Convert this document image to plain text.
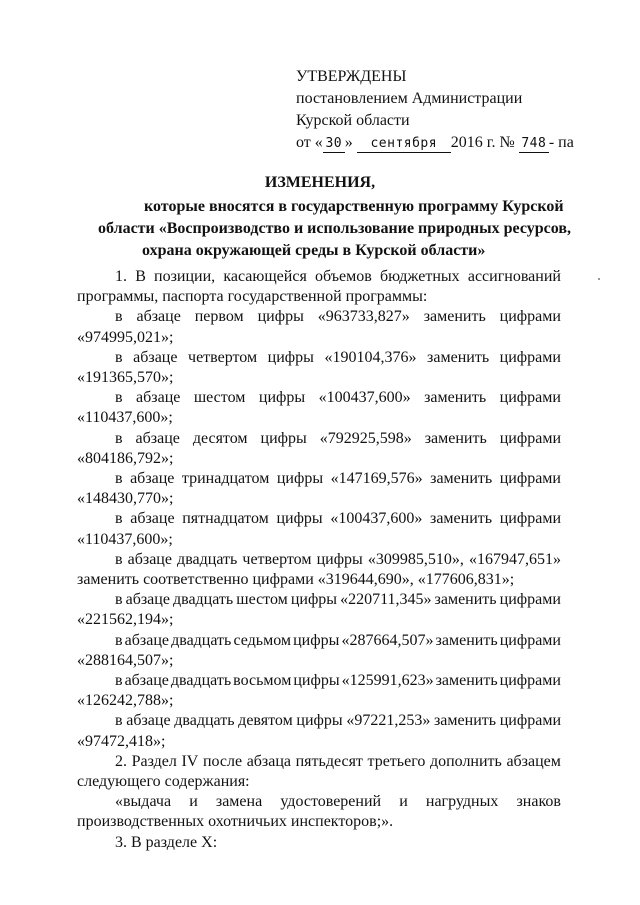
УТВЕРЖДЕНЫ
постановлением Администрации
Курской области
от « 30 » сентября 2016 г. № 748 - па
ИЗМЕНЕНИЯ,
которые вносятся в государственную программу Курской
области «Воспроизводство и использование природных ресурсов,
охрана окружающей среды в Курской области»
1. В позиции, касающейся объемов бюджетных ассигнований
программы, паспорта государственной программы:
в абзаце первом цифры «963733,827» заменить цифрами
«974995,021»;
в абзаце четвертом цифры «190104,376» заменить цифрами
«191365,570»;
в абзаце шестом цифры «100437,600» заменить цифрами
«110437,600»;
в абзаце десятом цифры «792925,598» заменить цифрами
«804186,792»;
в абзаце тринадцатом цифры «147169,576» заменить цифрами
«148430,770»;
в абзаце пятнадцатом цифры «100437,600» заменить цифрами
«110437,600»;
в абзаце двадцать четвертом цифры «309985,510», «167947,651»
заменить соответственно цифрами «319644,690», «177606,831»;
в абзаце двадцать шестом цифры «220711,345» заменить цифрами
«221562,194»;
в абзаце двадцать седьмом цифры «287664,507» заменить цифрами
«288164,507»;
в абзаце двадцать восьмом цифры «125991,623» заменить цифрами
«126242,788»;
в абзаце двадцать девятом цифры «97221,253» заменить цифрами
«97472,418»;
2. Раздел IV после абзаца пятьдесят третьего дополнить абзацем
следующего содержания:
«выдача и замена удостоверений и нагрудных знаков
производственных охотничьих инспекторов;».
3. В разделе X:
